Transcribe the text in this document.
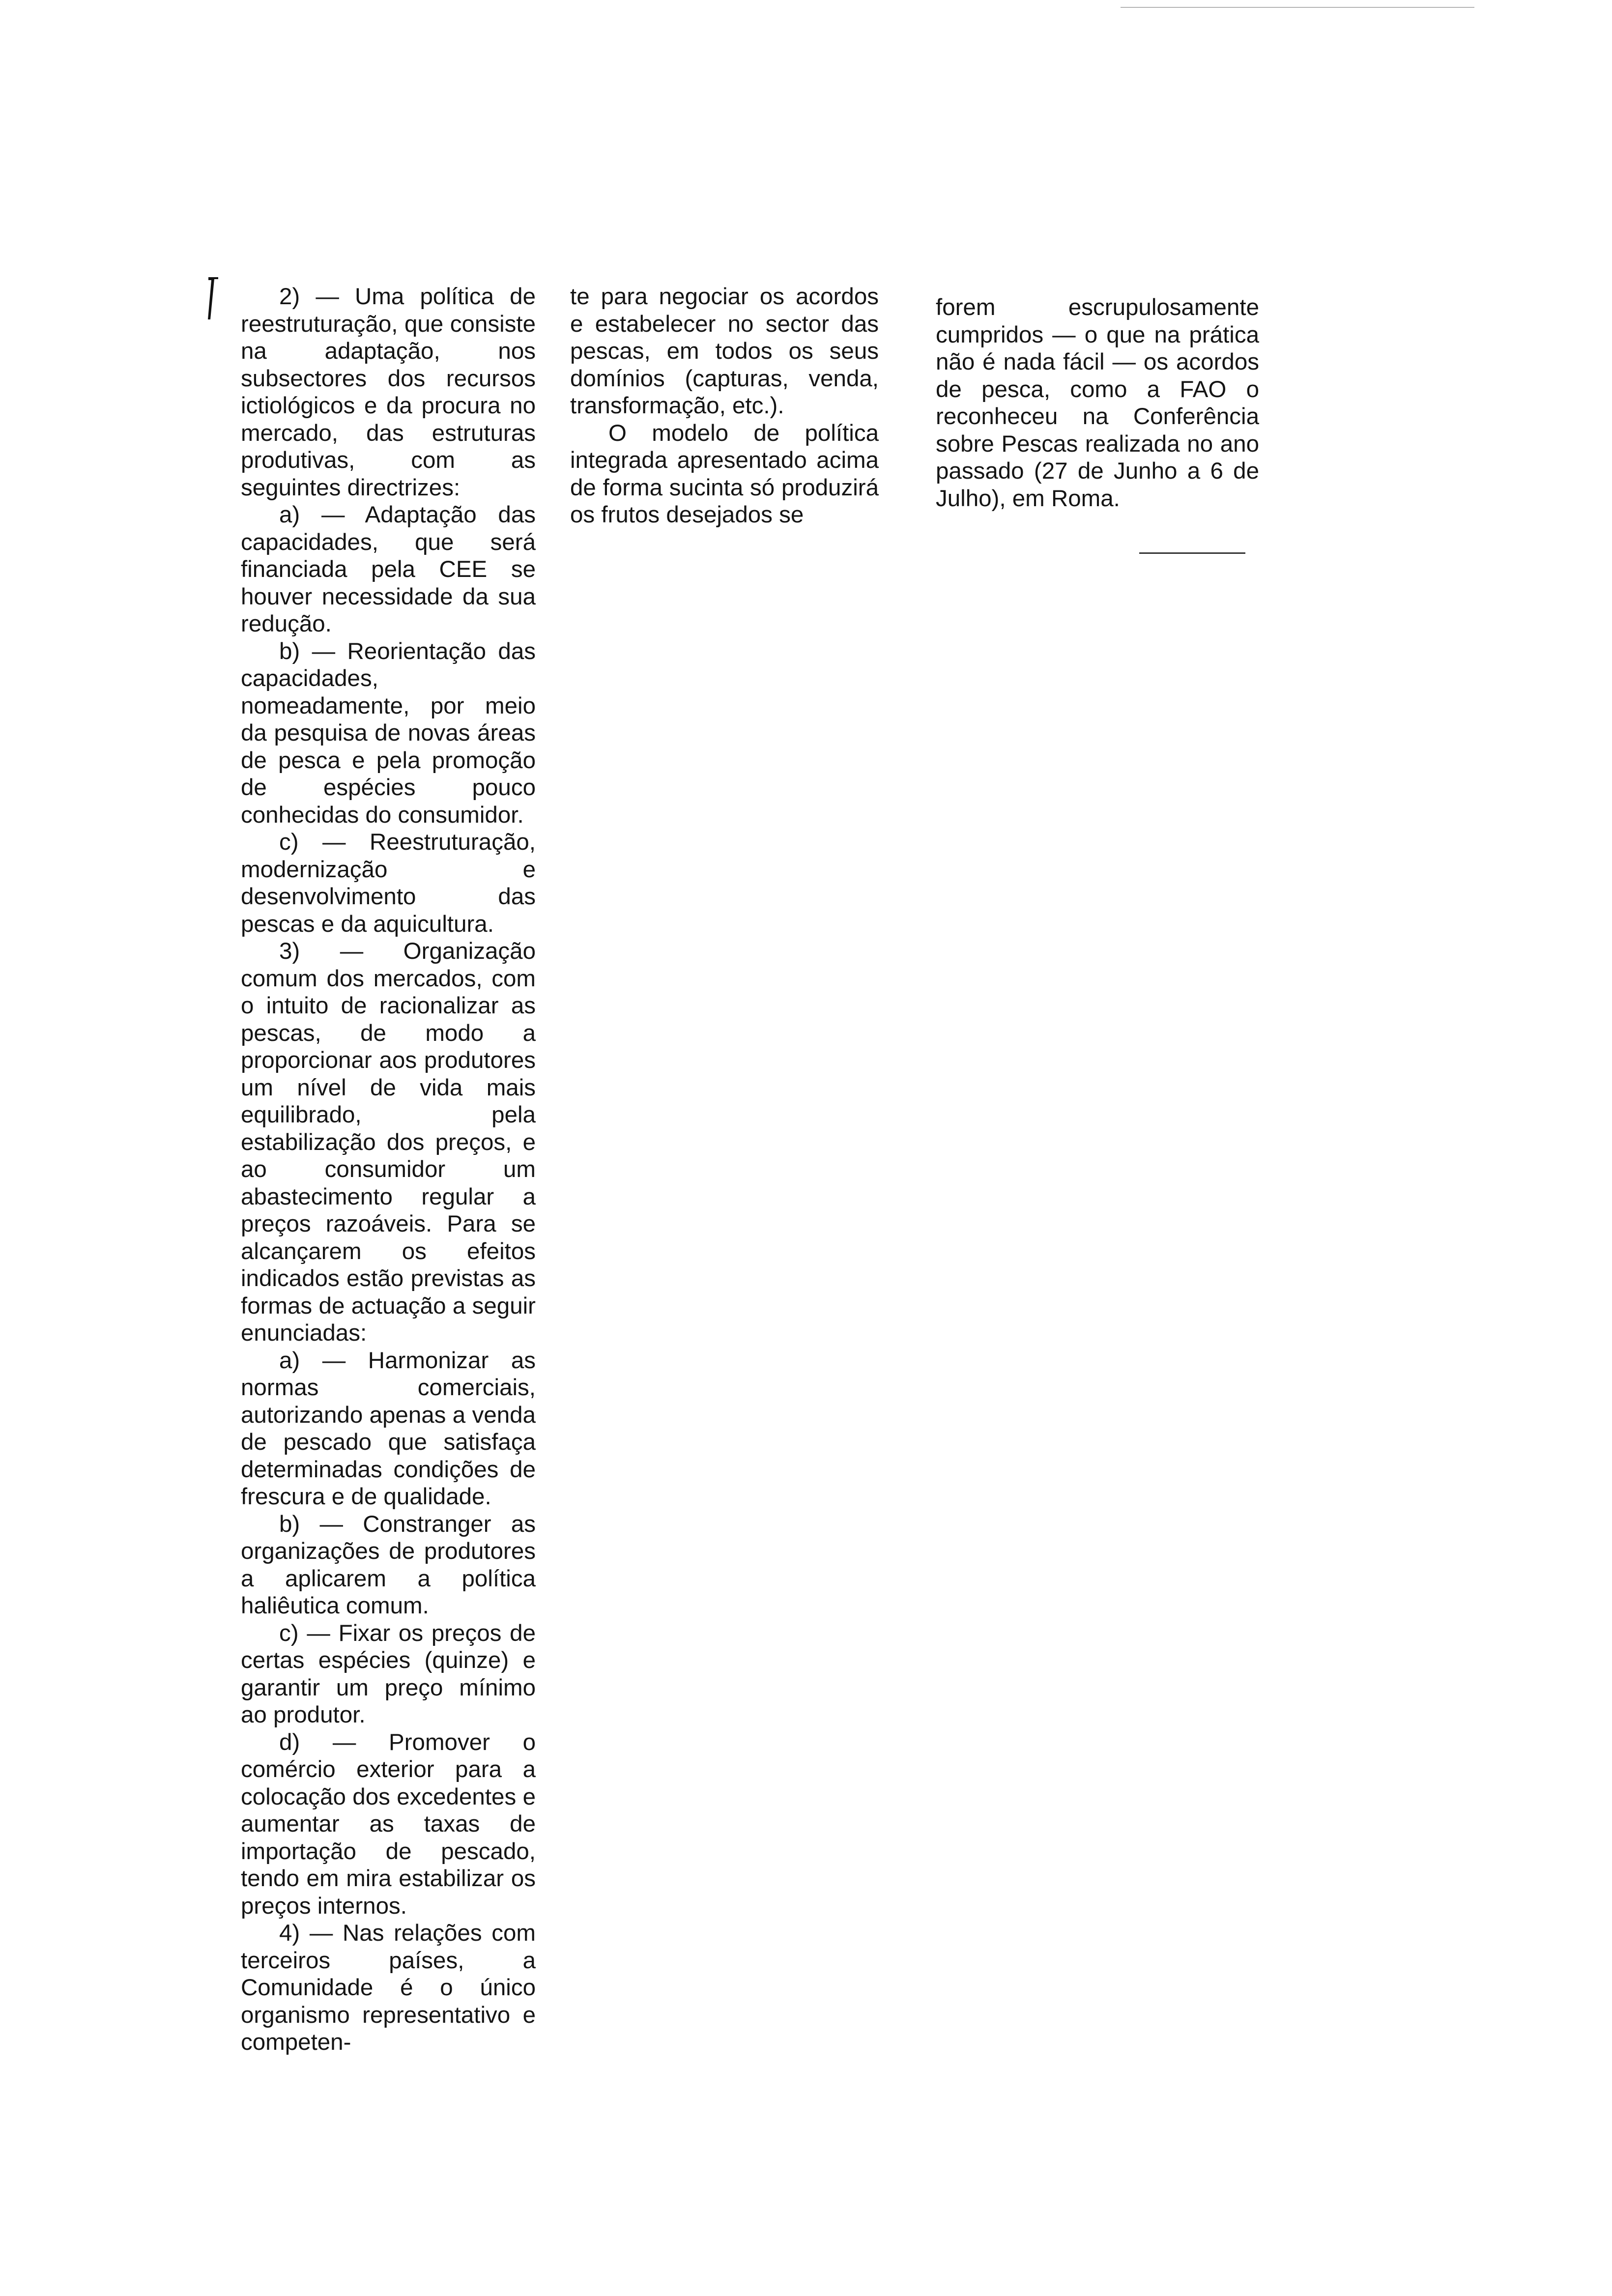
2) — Uma política de reestruturação, que consiste na adaptação, nos subsectores dos recursos ictiológicos e da procura no mercado, das estruturas produtivas, com as seguintes directrizes:

a) — Adaptação das capacidades, que será financiada pela CEE se houver necessidade da sua redução.

b) — Reorientação das capacidades, nomeadamente, por meio da pesquisa de novas áreas de pesca e pela promoção de espécies pouco conhecidas do consumidor.

c) — Reestruturação, modernização e desenvolvimento das pescas e da aquicultura.

3) — Organização comum dos mercados, com o intuito de racionalizar as pescas, de modo a proporcionar aos produtores um nível de vida mais equilibrado, pela estabilização dos preços, e ao consumidor um abastecimento regular a preços razoáveis. Para se alcançarem os efeitos indicados estão previstas as formas de actuação a seguir enunciadas:

a) — Harmonizar as normas comerciais, autorizando apenas a venda de pescado que satisfaça determinadas condições de frescura e de qualidade.

b) — Constranger as organizações de produtores a aplicarem a política haliêutica comum.

c) — Fixar os preços de certas espécies (quinze) e garantir um preço mínimo ao produtor.

d) — Promover o comércio exterior para a colocação dos excedentes e aumentar as taxas de importação de pescado, tendo em mira estabilizar os preços internos.

4) — Nas relações com terceiros países, a Comunidade é o único organismo representativo e competen-

te para negociar os acordos e estabelecer no sector das pescas, em todos os seus domínios (capturas, venda, transformação, etc.).

O modelo de política integrada apresentado acima de forma sucinta só produzirá os frutos desejados se

forem escrupulosamente cumpridos — o que na prática não é nada fácil — os acordos de pesca, como a FAO o reconheceu na Conferência sobre Pescas realizada no ano passado (27 de Junho a 6 de Julho), em Roma.
